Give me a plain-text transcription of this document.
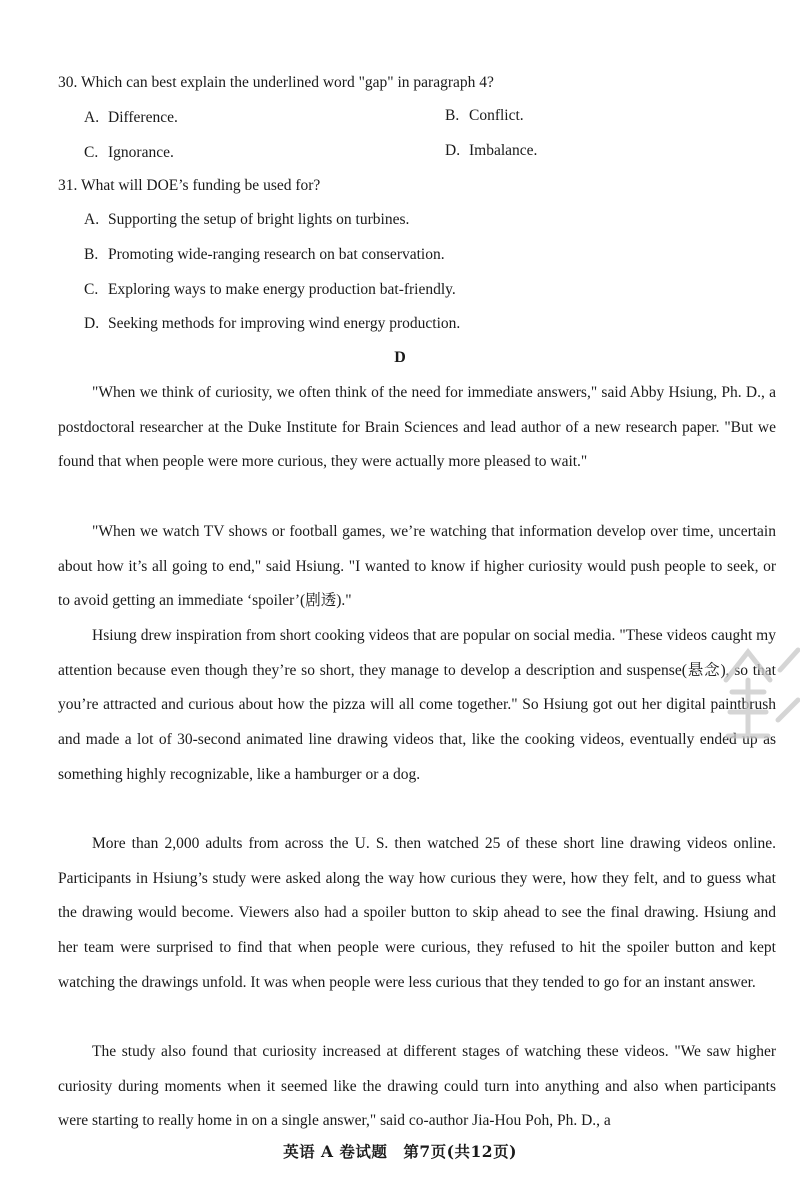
30. Which can best explain the underlined word "gap" in paragraph 4?
A. Difference.	B. Conflict.
C. Ignorance.	D. Imbalance.
31. What will DOE’s funding be used for?
A. Supporting the setup of bright lights on turbines.
B. Promoting wide-ranging research on bat conservation.
C. Exploring ways to make energy production bat-friendly.
D. Seeking methods for improving wind energy production.
D

"When we think of curiosity, we often think of the need for immediate answers," said Abby Hsiung, Ph. D., a postdoctoral researcher at the Duke Institute for Brain Sciences and lead author of a new research paper. "But we found that when people were more curious, they were actually more pleased to wait."

"When we watch TV shows or football games, we’re watching that information develop over time, uncertain about how it’s all going to end," said Hsiung. "I wanted to know if higher curiosity would push people to seek, or to avoid getting an immediate ‘spoiler’(剧透)."

Hsiung drew inspiration from short cooking videos that are popular on social media. "These videos caught my attention because even though they’re so short, they manage to develop a description and suspense(悬念), so that you’re attracted and curious about how the pizza will all come together." So Hsiung got out her digital paintbrush and made a lot of 30-second animated line drawing videos that, like the cooking videos, eventually ended up as something highly recognizable, like a hamburger or a dog.

More than 2,000 adults from across the U. S. then watched 25 of these short line drawing videos online. Participants in Hsiung’s study were asked along the way how curious they were, how they felt, and to guess what the drawing would become. Viewers also had a spoiler button to skip ahead to see the final drawing. Hsiung and her team were surprised to find that when people were curious, they refused to hit the spoiler button and kept watching the drawings unfold. It was when people were less curious that they tended to go for an instant answer.

The study also found that curiosity increased at different stages of watching these videos. "We saw higher curiosity during moments when it seemed like the drawing could turn into anything and also when participants were starting to really home in on a single answer," said co-author Jia-Hou Poh, Ph. D., a

英语 A 卷试题　第7页(共12页)
